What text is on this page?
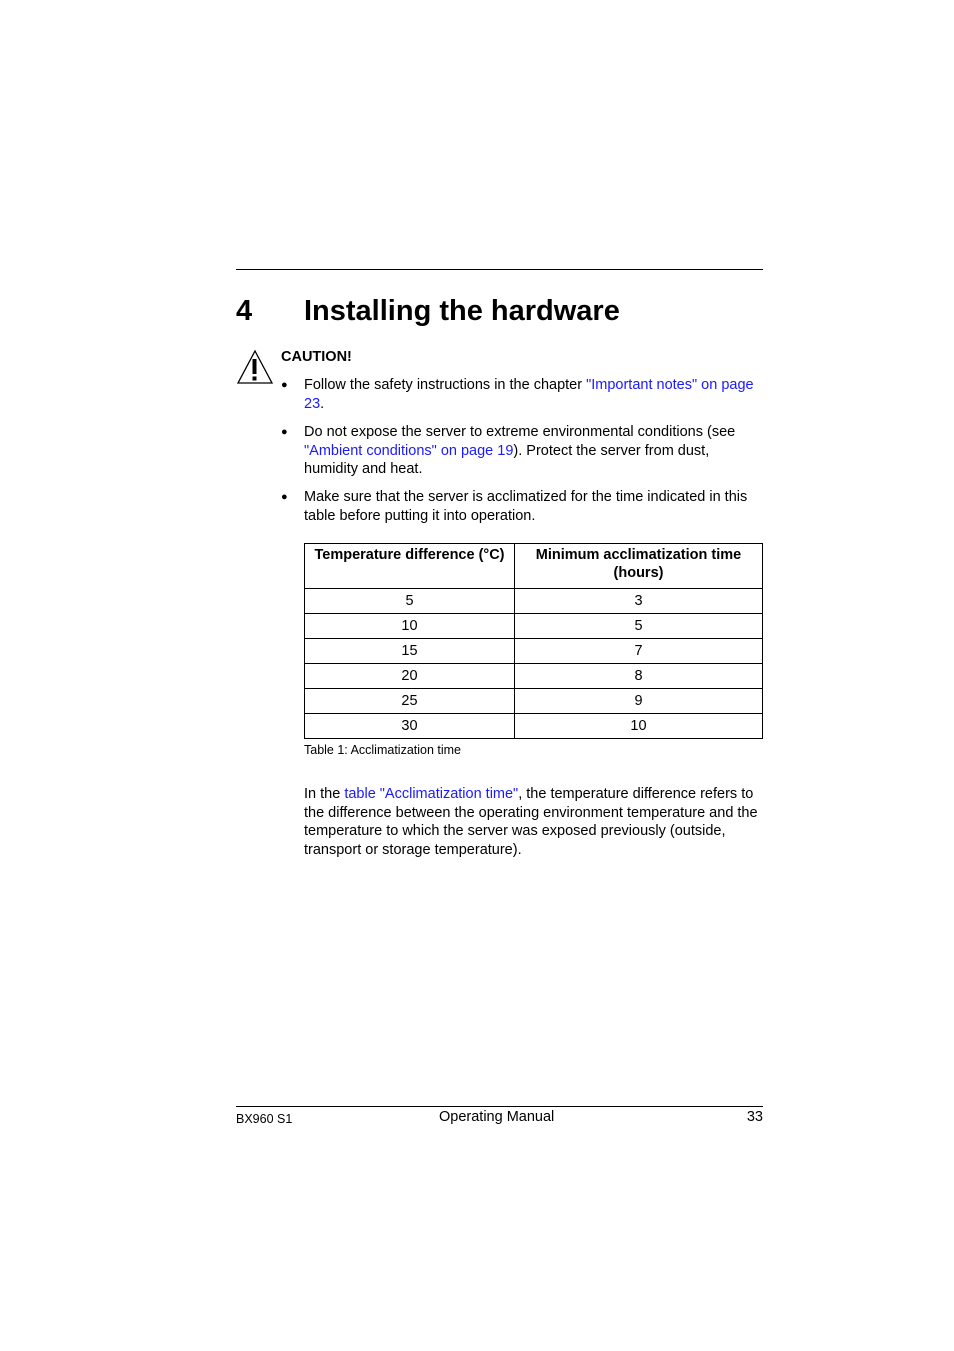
4 Installing the hardware
CAUTION!
● Follow the safety instructions in the chapter "Important notes" on page 23.
● Do not expose the server to extreme environmental conditions (see "Ambient conditions" on page 19). Protect the server from dust, humidity and heat.
● Make sure that the server is acclimatized for the time indicated in this table before putting it into operation.
Temperature difference (°C)	Minimum acclimatization time (hours)
5	3
10	5
15	7
20	8
25	9
30	10
Table 1: Acclimatization time
In the table "Acclimatization time", the temperature difference refers to the difference between the operating environment temperature and the temperature to which the server was exposed previously (outside, transport or storage temperature).
BX960 S1	Operating Manual	33
